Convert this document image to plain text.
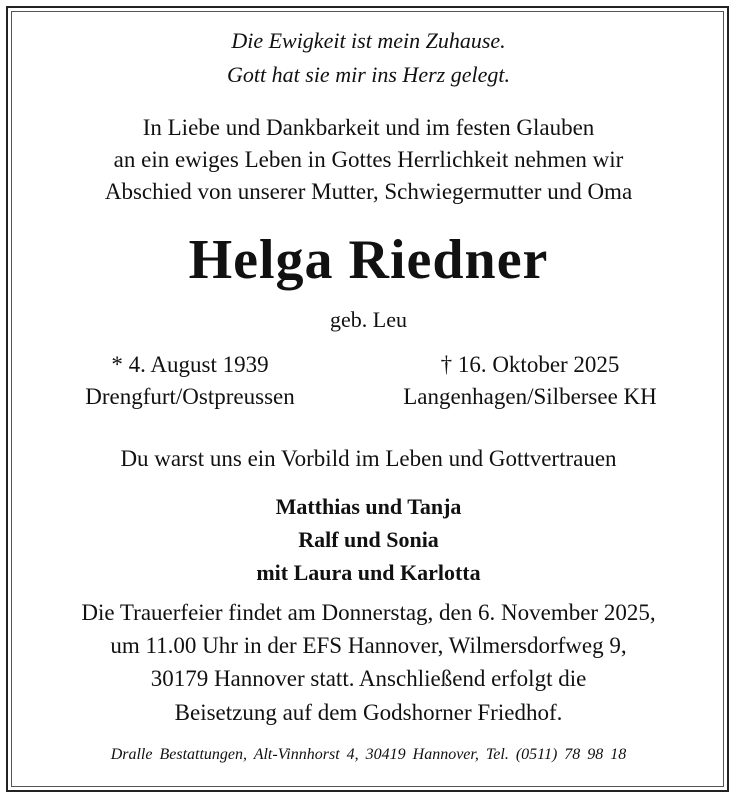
Die Ewigkeit ist mein Zuhause.
Gott hat sie mir ins Herz gelegt.
In Liebe und Dankbarkeit und im festen Glauben
an ein ewiges Leben in Gottes Herrlichkeit nehmen wir
Abschied von unserer Mutter, Schwiegermutter und Oma
Helga Riedner
geb. Leu
* 4. August 1939
Drengfurt/Ostpreussen
† 16. Oktober 2025
Langenhagen/Silbersee KH
Du warst uns ein Vorbild im Leben und Gottvertrauen
Matthias und Tanja
Ralf und Sonia
mit Laura und Karlotta
Die Trauerfeier findet am Donnerstag, den 6. November 2025,
um 11.00 Uhr in der EFS Hannover, Wilmersdorfweg 9,
30179 Hannover statt. Anschließend erfolgt die
Beisetzung auf dem Godshorner Friedhof.
Dralle Bestattungen, Alt-Vinnhorst 4, 30419 Hannover, Tel. (0511) 78 98 18
